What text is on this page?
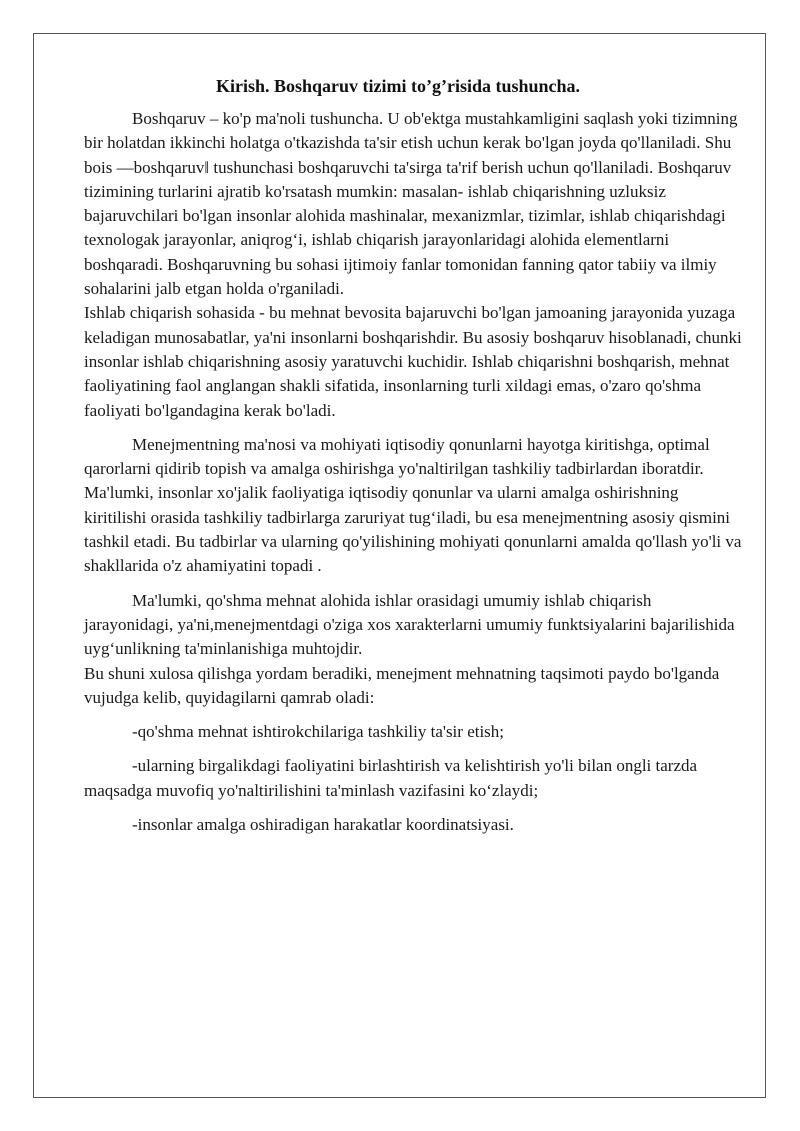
Kirish. Boshqaruv tizimi to’g’risida tushuncha.

Boshqaruv – ko'p ma'noli tushuncha. U ob'ektga mustahkamligini saqlash yoki tizimning bir holatdan ikkinchi holatga o'tkazishda ta'sir etish uchun kerak bo'lgan joyda qo'llaniladi. Shu bois ―boshqaruv‖ tushunchasi boshqaruvchi ta'sirga ta'rif berish uchun qo'llaniladi. Boshqaruv tizimining turlarini ajratib ko'rsatash mumkin: masalan- ishlab chiqarishning uzluksiz bajaruvchilari bo'lgan insonlar alohida mashinalar, mexanizmlar, tizimlar, ishlab chiqarishdagi texnologak jarayonlar, aniqrog‘i, ishlab chiqarish jarayonlaridagi alohida elementlarni boshqaradi. Boshqaruvning bu sohasi ijtimoiy fanlar tomonidan fanning qator tabiiy va ilmiy sohalarini jalb etgan holda o'rganiladi.

Ishlab chiqarish sohasida - bu mehnat bevosita bajaruvchi bo'lgan jamoaning jarayonida yuzaga keladigan munosabatlar, ya'ni insonlarni boshqarishdir. Bu asosiy boshqaruv hisoblanadi, chunki insonlar ishlab chiqarishning asosiy yaratuvchi kuchidir. Ishlab chiqarishni boshqarish, mehnat faoliyatining faol anglangan shakli sifatida, insonlarning turli xildagi emas, o'zaro qo'shma faoliyati bo'lgandagina kerak bo'ladi.

Menejmentning ma'nosi va mohiyati iqtisodiy qonunlarni hayotga kiritishga, optimal qarorlarni qidirib topish va amalga oshirishga yo'naltirilgan tashkiliy tadbirlardan iboratdir. Ma'lumki, insonlar xo'jalik faoliyatiga iqtisodiy qonunlar va ularni amalga oshirishning kiritilishi orasida tashkiliy tadbirlarga zaruriyat tug‘iladi, bu esa menejmentning asosiy qismini tashkil etadi. Bu tadbirlar va ularning qo'yilishining mohiyati qonunlarni amalda qo'llash yo'li va shakllarida o'z ahamiyatini topadi .

Ma'lumki, qo'shma mehnat alohida ishlar orasidagi umumiy ishlab chiqarish jarayonidagi, ya'ni,menejmentdagi o'ziga xos xarakterlarni umumiy funktsiyalarini bajarilishida uyg‘unlikning ta'minlanishiga muhtojdir.

Bu shuni xulosa qilishga yordam beradiki, menejment mehnatning taqsimoti paydo bo'lganda vujudga kelib, quyidagilarni qamrab oladi:

-qo'shma mehnat ishtirokchilariga tashkiliy ta'sir etish;

-ularning birgalikdagi faoliyatini birlashtirish va kelishtirish yo'li bilan ongli tarzda maqsadga muvofiq yo'naltirilishini ta'minlash vazifasini ko‘zlaydi;

-insonlar amalga oshiradigan harakatlar koordinatsiyasi.
